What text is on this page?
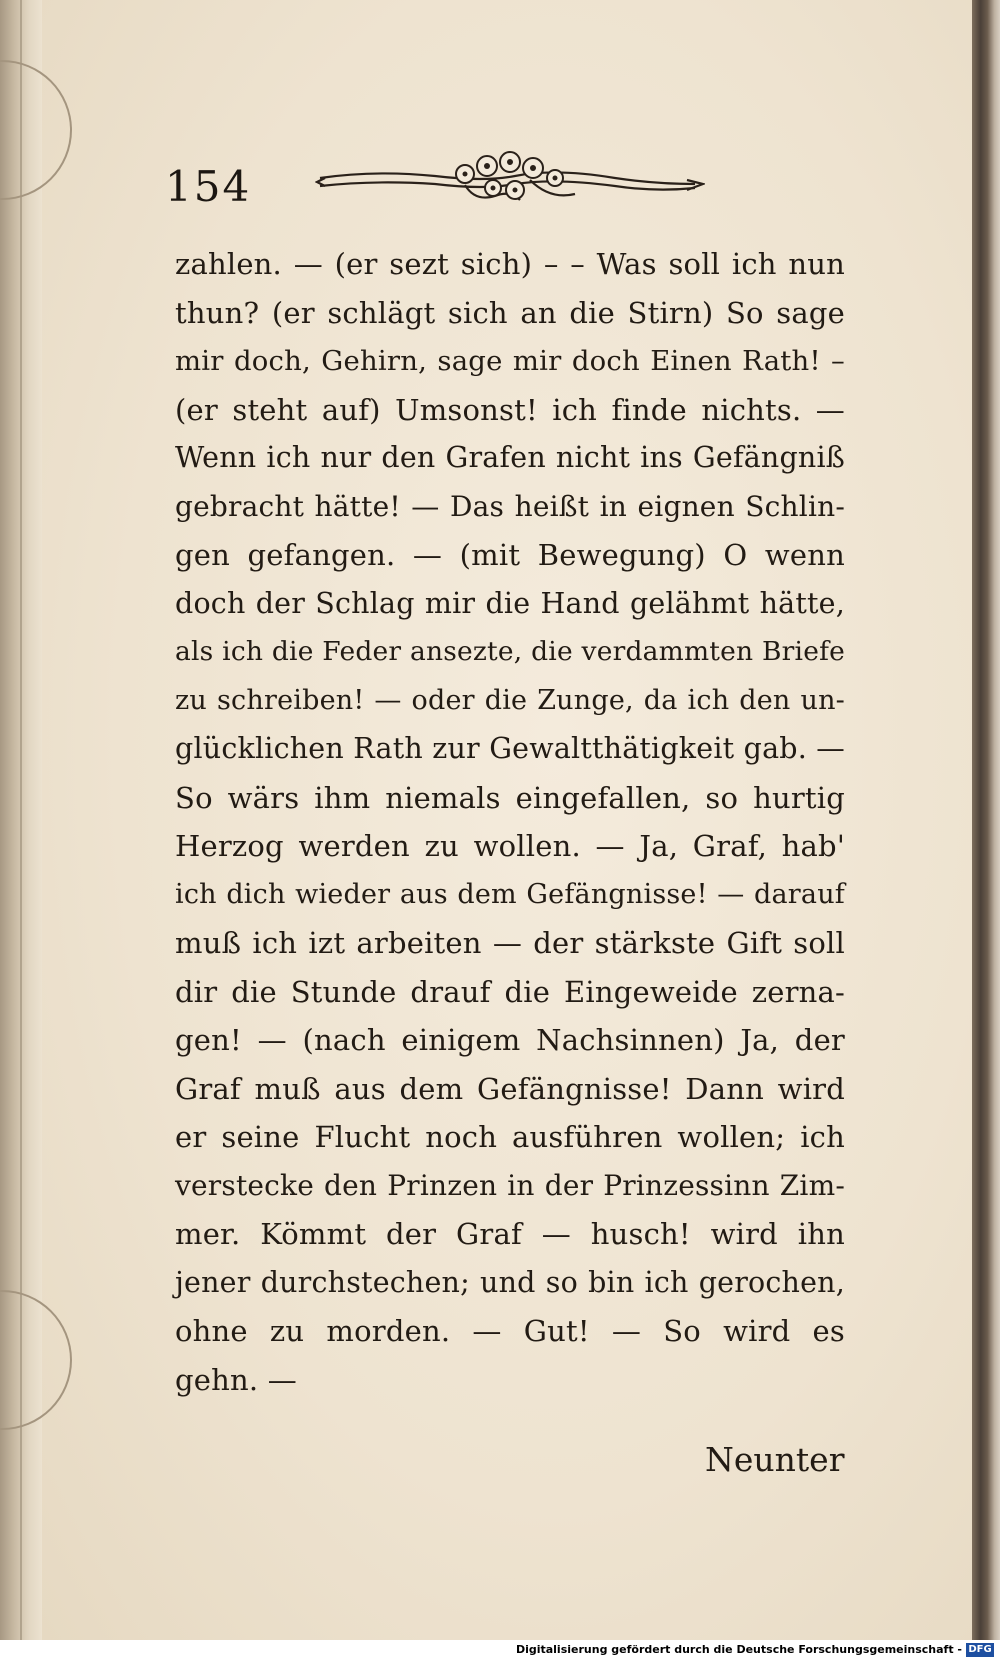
154
zahlen. — (er sezt sich) – – Was soll ich nun
thun? (er schlägt sich an die Stirn) So sage
mir doch, Gehirn, sage mir doch Einen Rath! –
(er steht auf) Umsonst! ich finde nichts. —
Wenn ich nur den Grafen nicht ins Gefängniß
gebracht hätte! — Das heißt in eignen Schlin-
gen gefangen. — (mit Bewegung) O wenn
doch der Schlag mir die Hand gelähmt hätte,
als ich die Feder ansezte, die verdammten Briefe
zu schreiben! — oder die Zunge, da ich den un-
glücklichen Rath zur Gewaltthätigkeit gab. —
So wärs ihm niemals eingefallen, so hurtig
Herzog werden zu wollen. — Ja, Graf, hab'
ich dich wieder aus dem Gefängnisse! — darauf
muß ich izt arbeiten — der stärkste Gift soll
dir die Stunde drauf die Eingeweide zerna-
gen! — (nach einigem Nachsinnen) Ja, der
Graf muß aus dem Gefängnisse! Dann wird
er seine Flucht noch ausführen wollen; ich
verstecke den Prinzen in der Prinzessinn Zim-
mer. Kömmt der Graf — husch! wird ihn
jener durchstechen; und so bin ich gerochen,
ohne zu morden. — Gut! — So wird es
gehn. —
Neunter
Digitalisierung gefördert durch die Deutsche Forschungsgemeinschaft - DFG
